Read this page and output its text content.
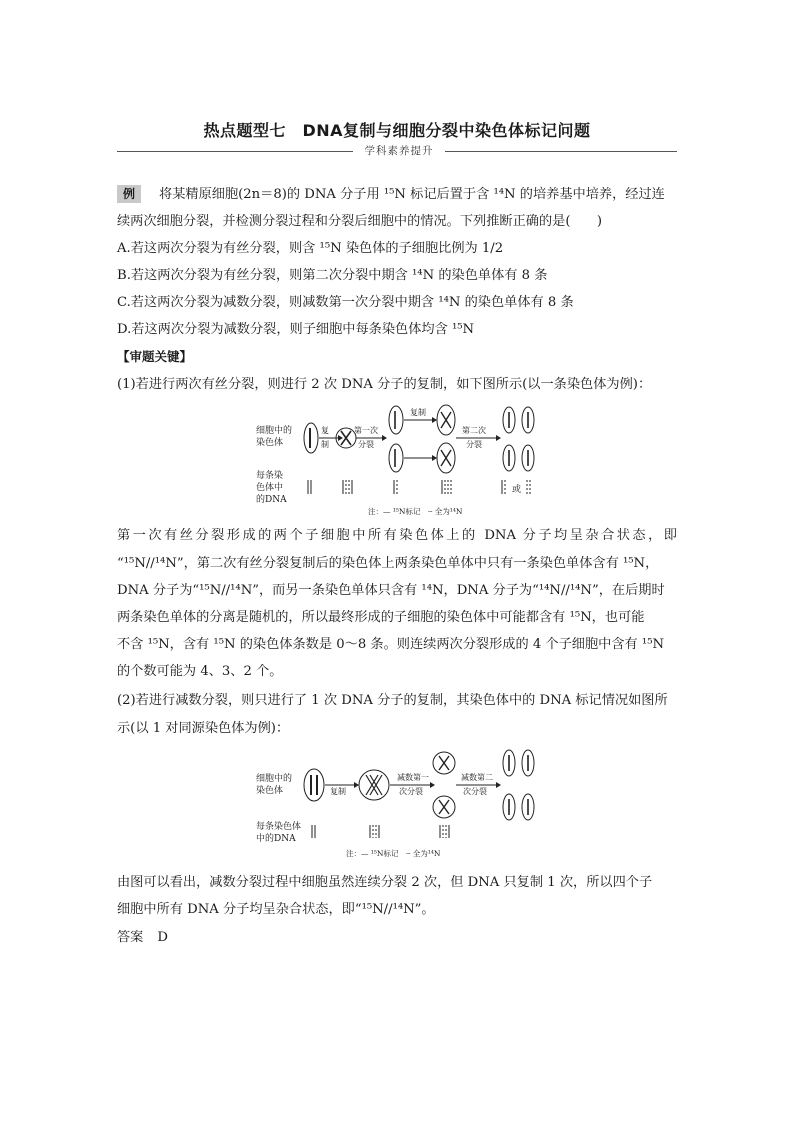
热点题型七　DNA复制与细胞分裂中染色体标记问题
学科素养提升
例 将某精原细胞(2n＝8)的 DNA 分子用 ¹⁵N 标记后置于含 ¹⁴N 的培养基中培养，经过连
续两次细胞分裂，并检测分裂过程和分裂后细胞中的情况。下列推断正确的是(　　)
A.若这两次分裂为有丝分裂，则含 ¹⁵N 染色体的子细胞比例为 1/2
B.若这两次分裂为有丝分裂，则第二次分裂中期含 ¹⁴N 的染色单体有 8 条
C.若这两次分裂为减数分裂，则减数第一次分裂中期含 ¹⁴N 的染色单体有 8 条
D.若这两次分裂为减数分裂，则子细胞中每条染色体均含 ¹⁵N
【审题关键】
(1)若进行两次有丝分裂，则进行 2 次 DNA 分子的复制，如下图所示(以一条染色体为例)：
细胞中的
染色体
每条染
色体中
的DNA
复
制
第一次
分裂
复制
第二次
分裂
或
注：— ¹⁵N标记　┄ 全为¹⁴N
第一次有丝分裂形成的两个子细胞中所有染色体上的 DNA 分子均呈杂合状态，即
“¹⁵N//¹⁴N”，第二次有丝分裂复制后的染色体上两条染色单体中只有一条染色单体含有 ¹⁵N，
DNA 分子为“¹⁵N//¹⁴N”，而另一条染色单体只含有 ¹⁴N，DNA 分子为“¹⁴N//¹⁴N”，在后期时
两条染色单体的分离是随机的，所以最终形成的子细胞的染色体中可能都含有 ¹⁵N，也可能
不含 ¹⁵N，含有 ¹⁵N 的染色体条数是 0～8 条。则连续两次分裂形成的 4 个子细胞中含有 ¹⁵N
的个数可能为 4、3、2 个。
(2)若进行减数分裂，则只进行了 1 次 DNA 分子的复制，其染色体中的 DNA 标记情况如图所
示(以 1 对同源染色体为例)：
细胞中的
染色体
每条染色体
中的DNA
复制
减数第一
次分裂
减数第二
次分裂
注：— ¹⁵N标记　┄ 全为¹⁴N
由图可以看出，减数分裂过程中细胞虽然连续分裂 2 次，但 DNA 只复制 1 次，所以四个子
细胞中所有 DNA 分子均呈杂合状态，即“¹⁵N//¹⁴N”。
答案 D
